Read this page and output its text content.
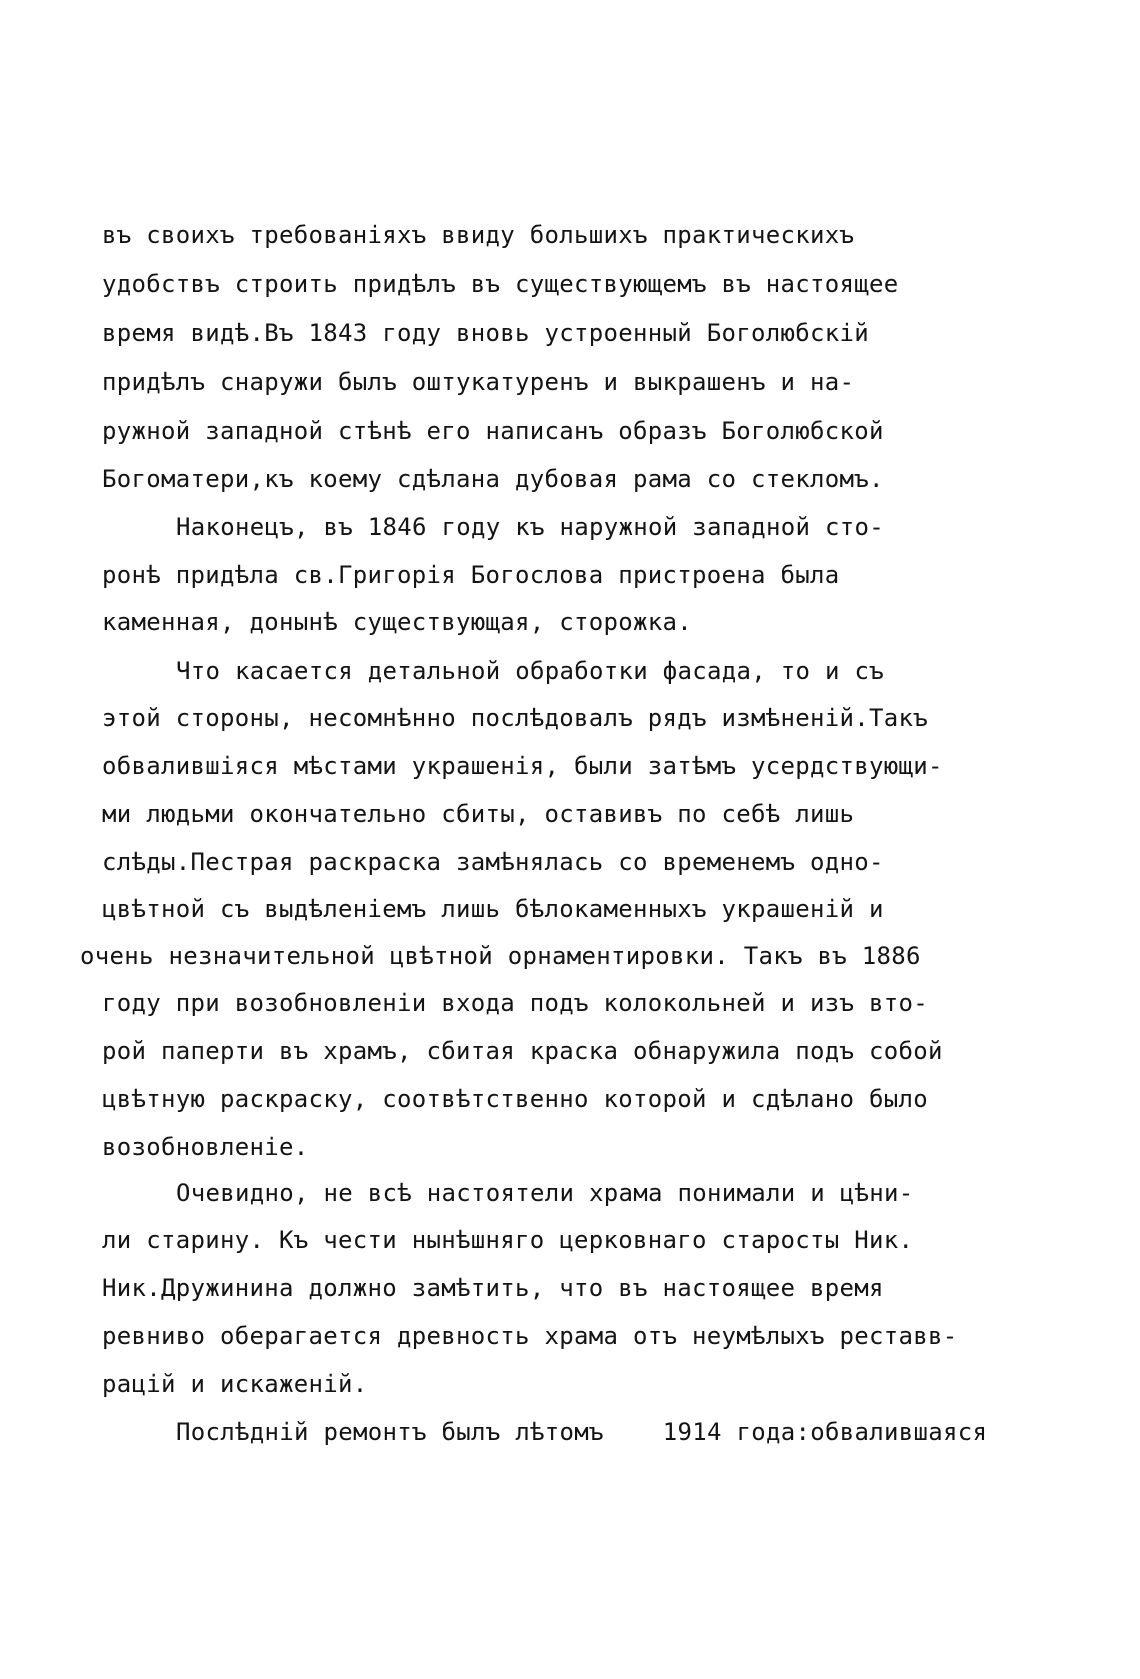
въ своихъ требованіяхъ ввиду большихъ практическихъ

удобствъ строить придѣлъ въ существующемъ въ настоящее

время видѣ.Въ 1843 году вновь устроенный Боголюбскій

придѣлъ снаружи былъ оштукатуренъ и выкрашенъ и на-

ружной западной стѣнѣ его написанъ образъ Боголюбской

Богоматери,къ коему сдѣлана дубовая рама со стекломъ.

Наконецъ, въ 1846 году къ наружной западной сто-

ронѣ придѣла св.Григорія Богослова пристроена была

каменная, донынѣ существующая, сторожка.

Что касается детальной обработки фасада, то и съ

этой стороны, несомнѣнно послѣдовалъ рядъ измѣненій.Такъ

обвалившіяся мѣстами украшенія, были затѣмъ усердствующи-

ми людьми окончательно сбиты, оставивъ по себѣ лишь

слѣды.Пестрая раскраска замѣнялась со временемъ одно-

цвѣтной съ выдѣленіемъ лишь бѣлокаменныхъ украшеній и

очень незначительной цвѣтной орнаментировки. Такъ въ 1886

году при возобновленіи входа подъ колокольней и изъ вто-

рой паперти въ храмъ, сбитая краска обнаружила подъ собой

цвѣтную раскраску, соотвѣтственно которой и сдѣлано было

возобновленіе.

Очевидно, не всѣ настоятели храма понимали и цѣни-

ли старину. Къ чести нынѣшняго церковнаго старосты Ник.

Ник.Дружинина должно замѣтить, что въ настоящее время

ревниво оберагается древность храма отъ неумѣлыхъ реставв-

рацій и искаженій.

Послѣдній ремонтъ былъ лѣтомъ    1914 года:обвалившаяся
